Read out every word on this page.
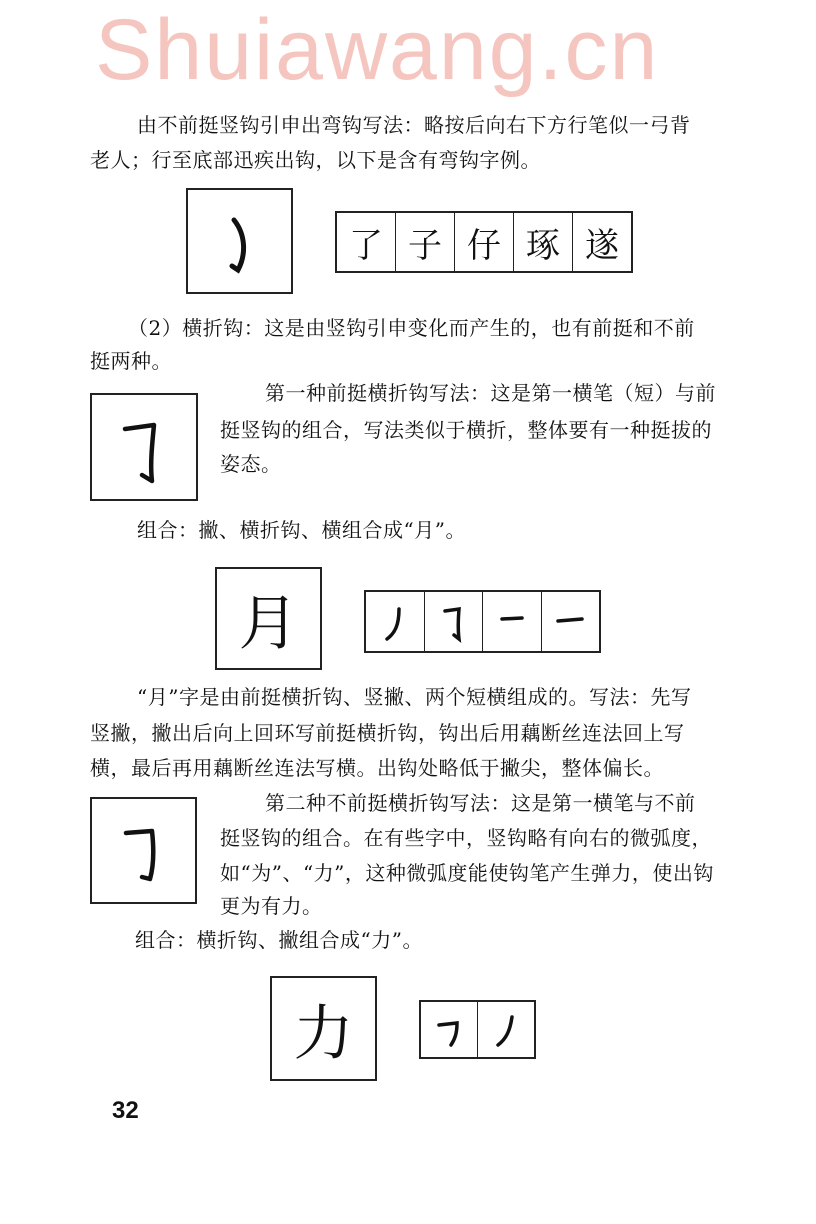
Shuiawang.cn
由不前挺竖钩引申出弯钩写法：略按后向右下方行笔似一弓背
老人；行至底部迅疾出钩，以下是含有弯钩字例。
了 子 仔 琢 遂
（2）横折钩：这是由竖钩引申变化而产生的，也有前挺和不前
挺两种。
第一种前挺横折钩写法：这是第一横笔（短）与前
挺竖钩的组合，写法类似于横折，整体要有一种挺拔的
姿态。
组合：撇、横折钩、横组合成“月”。
月
“月”字是由前挺横折钩、竖撇、两个短横组成的。写法：先写
竖撇，撇出后向上回环写前挺横折钩，钩出后用藕断丝连法回上写
横，最后再用藕断丝连法写横。出钩处略低于撇尖，整体偏长。
第二种不前挺横折钩写法：这是第一横笔与不前
挺竖钩的组合。在有些字中，竖钩略有向右的微弧度，
如“为”、“力”，这种微弧度能使钩笔产生弹力，使出钩
更为有力。
组合：横折钩、撇组合成“力”。
力
32
